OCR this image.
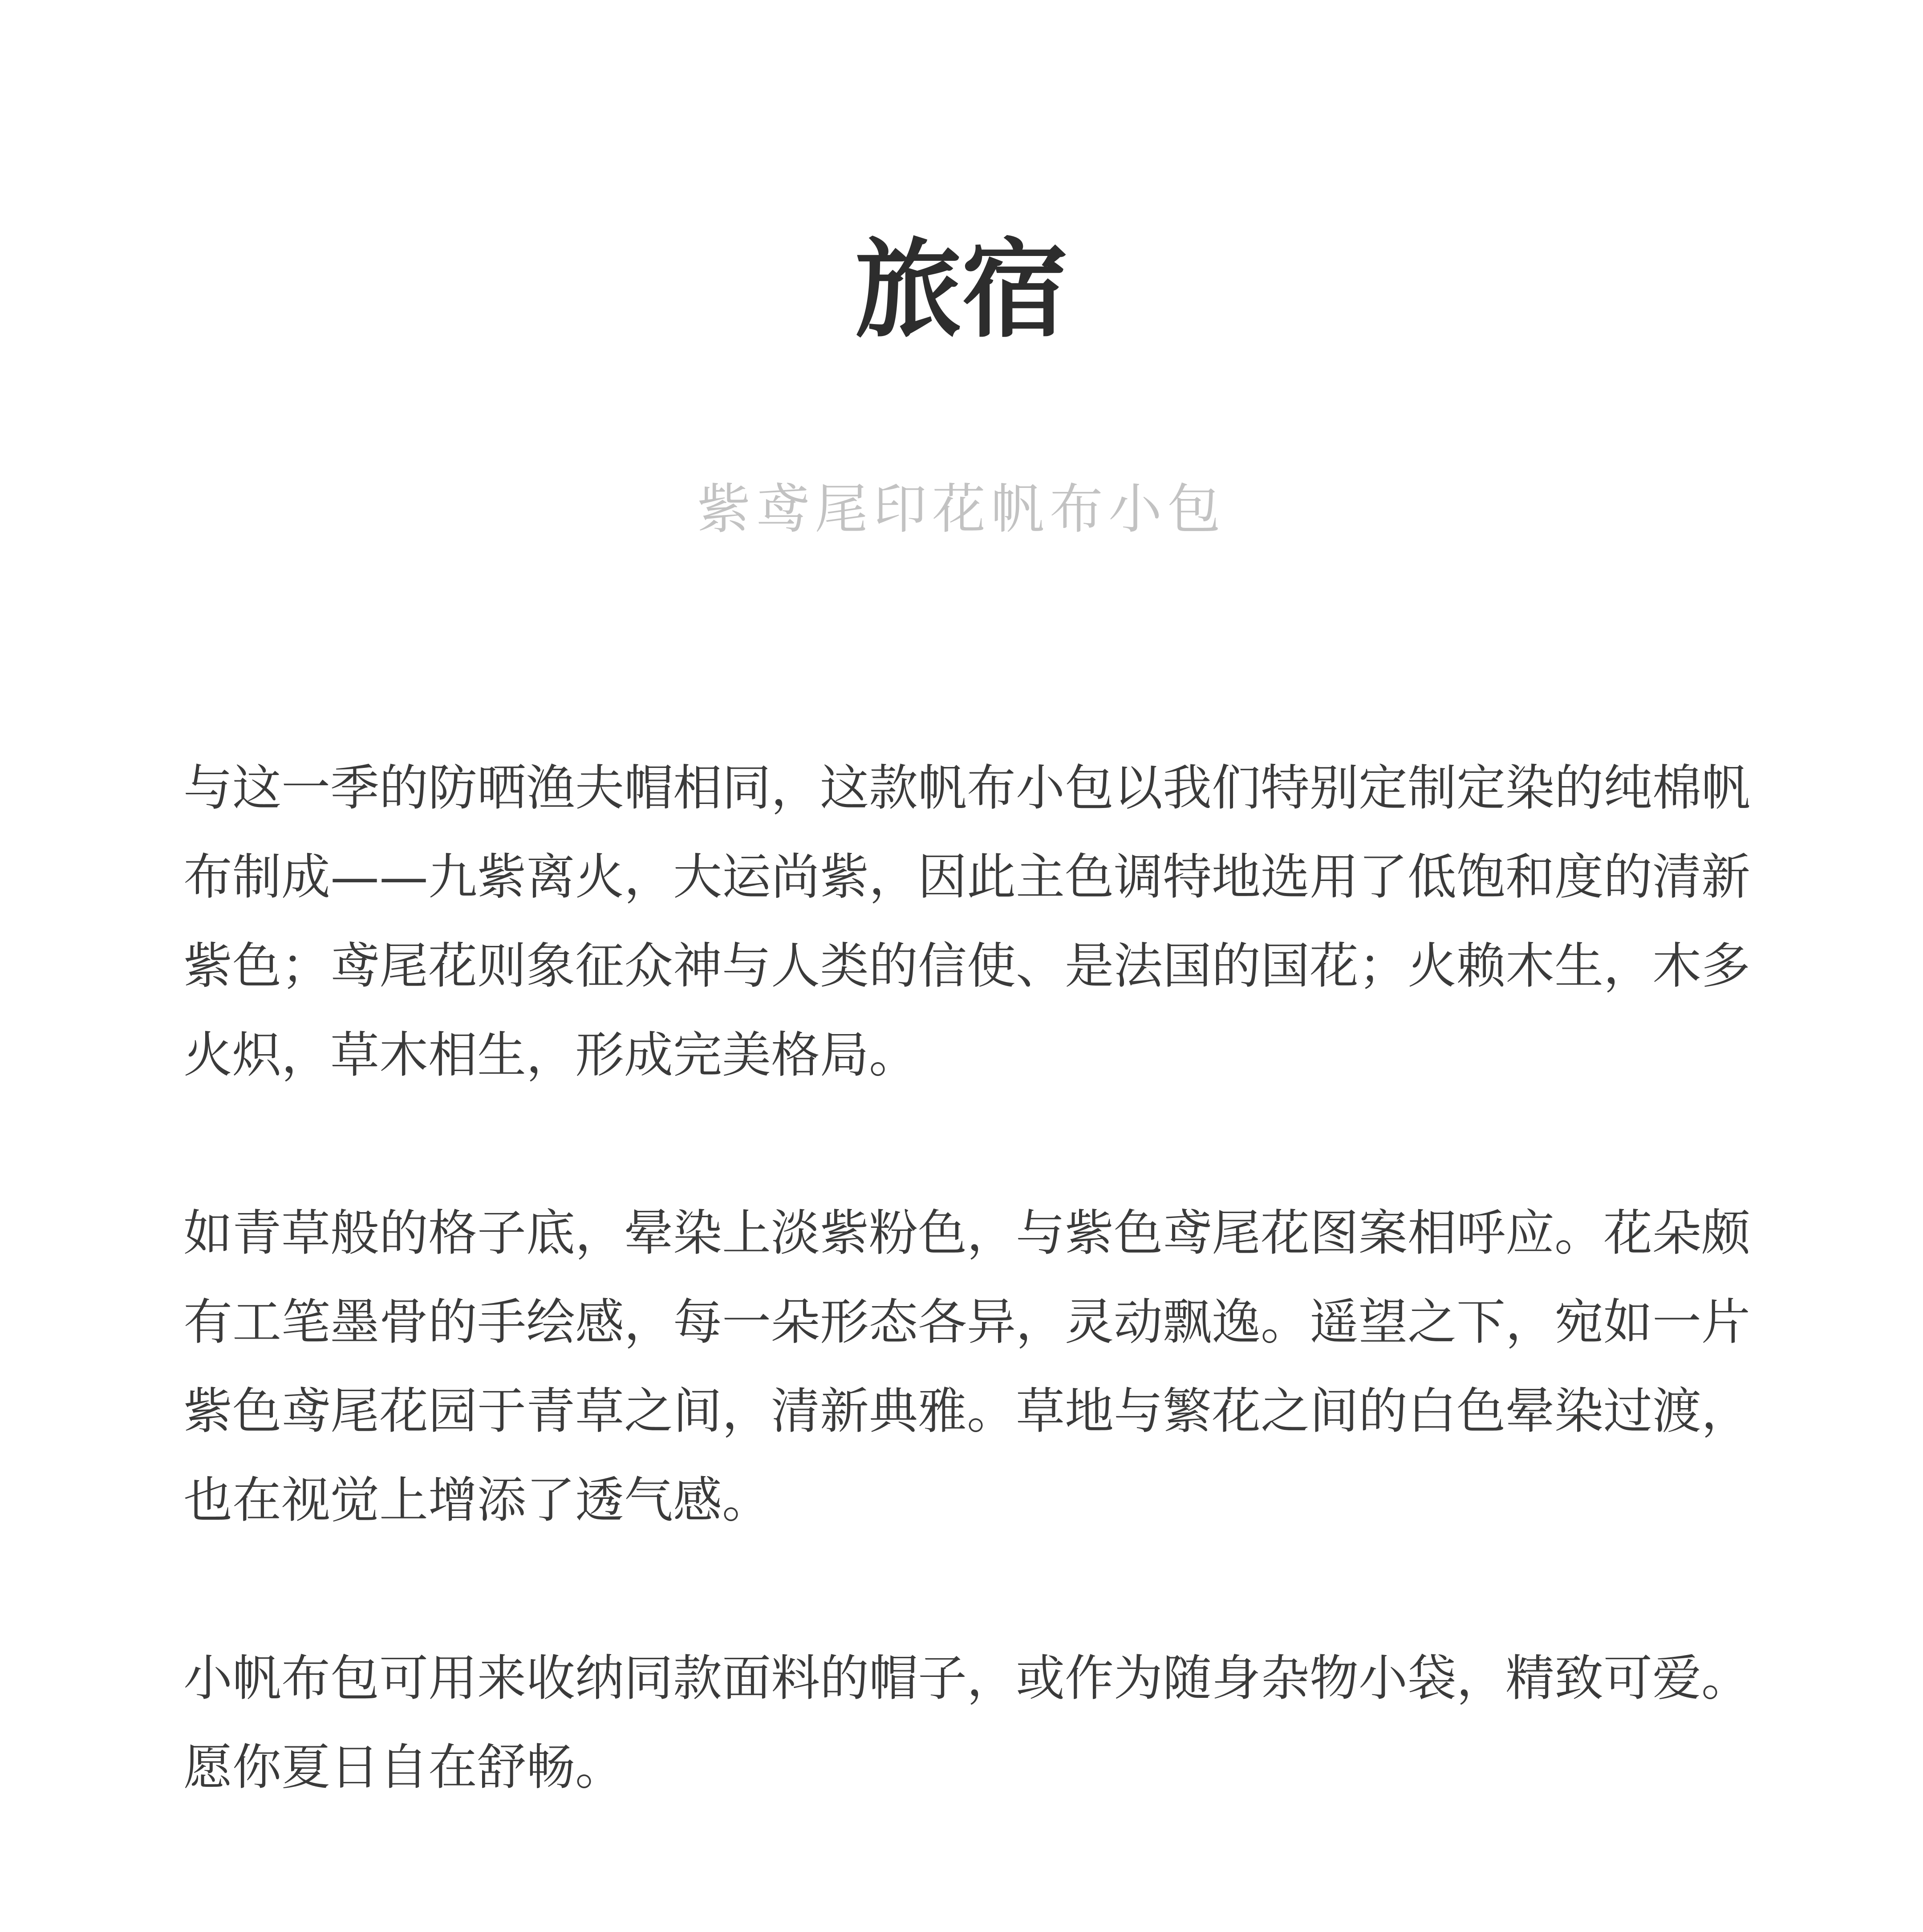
旅宿
紫鸢尾印花帆布小包

与这一季的防晒渔夫帽相同，这款帆布小包以我们特别定制定染的纯棉帆布制成——九紫离火，大运尚紫，因此主色调特地选用了低饱和度的清新紫色；鸢尾花则象征众神与人类的信使、是法国的国花；火赖木生，木多火炽，草木相生，形成完美格局。

如青草般的格子底，晕染上淡紫粉色，与紫色鸢尾花图案相呼应。花朵颇有工笔墨骨的手绘感，每一朵形态各异，灵动飘逸。遥望之下，宛如一片紫色鸢尾花园于青草之间，清新典雅。草地与繁花之间的白色晕染过渡，也在视觉上增添了透气感。

小帆布包可用来收纳同款面料的帽子，或作为随身杂物小袋，精致可爱。愿你夏日自在舒畅。
